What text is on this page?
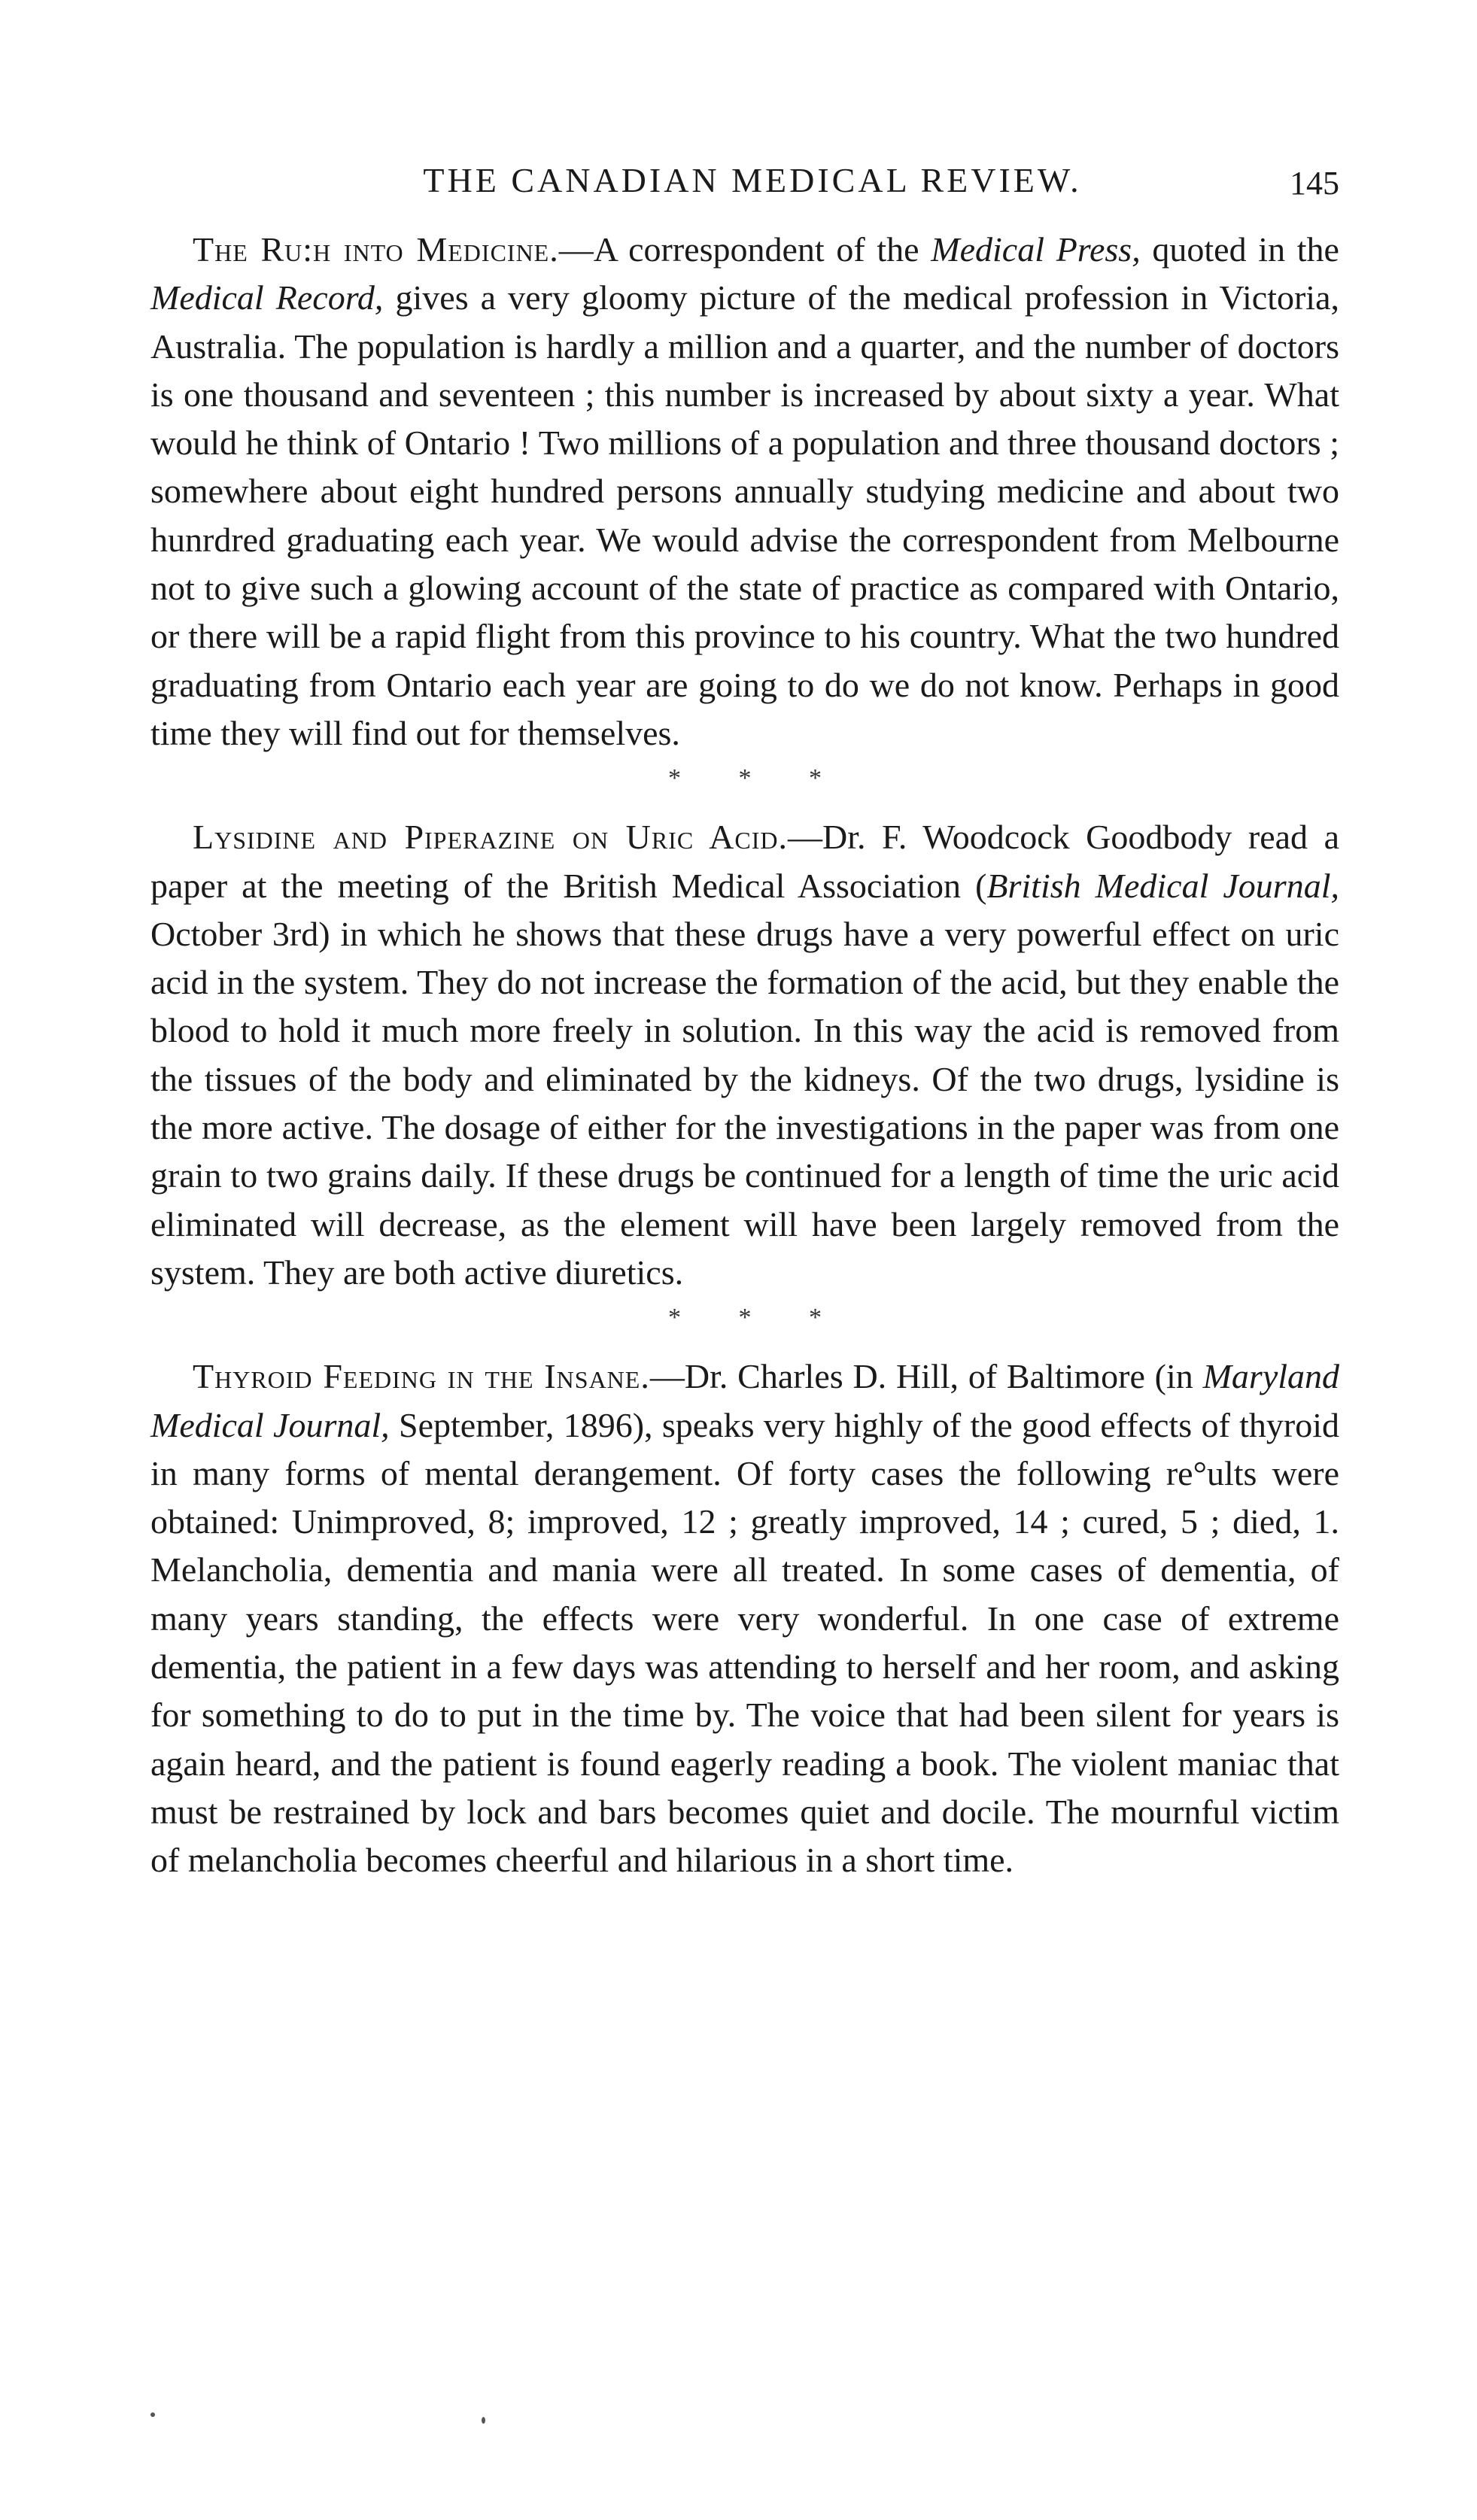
THE CANADIAN MEDICAL REVIEW.	145

The Ru:h into Medicine.—A correspondent of the Medical Press, quoted in the Medical Record, gives a very gloomy picture of the medical profession in Victoria, Australia. The population is hardly a million and a quarter, and the number of doctors is one thousand and seventeen ; this number is increased by about sixty a year. What would he think of Ontario ! Two millions of a population and three thousand doctors ; somewhere about eight hundred persons annually studying medicine and about two hunrdred graduating each year. We would advise the correspondent from Melbourne not to give such a glowing account of the state of practice as compared with Ontario, or there will be a rapid flight from this province to his country. What the two hundred graduating from Ontario each year are going to do we do not know. Perhaps in good time they will find out for themselves.

* * *

Lysidine and Piperazine on Uric Acid.—Dr. F. Woodcock Goodbody read a paper at the meeting of the British Medical Association (British Medical Journal, October 3rd) in which he shows that these drugs have a very powerful effect on uric acid in the system. They do not increase the formation of the acid, but they enable the blood to hold it much more freely in solution. In this way the acid is removed from the tissues of the body and eliminated by the kidneys. Of the two drugs, lysidine is the more active. The dosage of either for the investigations in the paper was from one grain to two grains daily. If these drugs be continued for a length of time the uric acid eliminated will decrease, as the element will have been largely removed from the system. They are both active diuretics.

* * *

Thyroid Feeding in the Insane.—Dr. Charles D. Hill, of Baltimore (in Maryland Medical Journal, September, 1896), speaks very highly of the good effects of thyroid in many forms of mental derangement. Of forty cases the following re°ults were obtained: Unimproved, 8; improved, 12 ; greatly improved, 14 ; cured, 5 ; died, 1. Melancholia, dementia and mania were all treated. In some cases of dementia, of many years standing, the effects were very wonderful. In one case of extreme dementia, the patient in a few days was attending to herself and her room, and asking for something to do to put in the time by. The voice that had been silent for years is again heard, and the patient is found eagerly reading a book. The violent maniac that must be restrained by lock and bars becomes quiet and docile. The mournful victim of melancholia becomes cheerful and hilarious in a short time.
